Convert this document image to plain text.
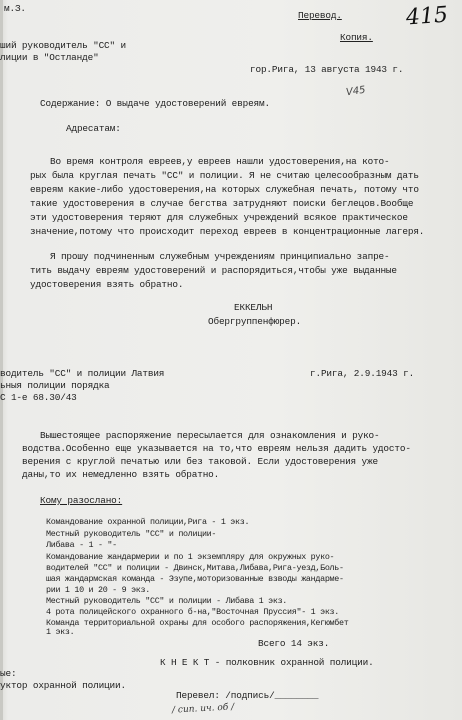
м.З.
Перевод.	415
Копия.
ший руководитель "СС" и
лиции в "Остланде"
гор.Рига, 13 августа 1943 г.
V45
Содержание: О выдаче удостоверений евреям.
Адресатам:
Во время контроля евреев,у евреев нашли удостоверения,на кото-
рых была круглая печать "СС" и полиции. Я не считаю целесообразным дать
евреям какие-либо удостоверения,на которых служебная печать, потому что
такие удостоверения в случае бегства затрудняют поиски беглецов.Вообще
эти удостоверения теряют для служебных учреждений всякое практическое
значение,потому что происходит переход евреев в концентрационные лагеря.
Я прошу подчиненным служебным учреждениям принципиально запре-
тить выдачу евреям удостоверений и распорядиться,чтобы уже выданные
удостоверения взять обратно.
ЕККЕЛЬН
Обергруппенфюрер.
водитель "СС" и полиции Латвия	г.Рига, 2.9.1943 г.
ьныя полиции порядка
С 1-е 68.30/43
Вышестоящее распоряжение пересылается для ознакомления и руко-
водства.Особенно еще указывается на то,что евреям нельзя дадить удосто-
верения с круглой печатью или без таковой. Если удостоверения уже
даны,то их немедленно взять обратно.
Кому разослано:
Командование охранной полиции,Рига - 1 экз.
Местный руководитель "СС" и полиции-
Либава - 1 - "-
Командование жандармерии и по 1 экземпляру для окружных руко-
водителей "СС" и полиции - Двинск,Митава,Либава,Рига-уезд,Боль-
шая жандармская команда - Эзупе,моторизованные взводы жандарме-
рии 1 10 и 20 - 9 экз.
Местный руководитель "СС" и полиции - Либава 1 экз.
4 рота полицейского охранного б-на,"Восточная Пруссия"- 1 экз.
Команда территориальной охраны для особого распоряжения,Кегюмбет
1 экз.
Всего 14 экз.
К Н Е К Т - полковник охранной полиции.
ые:
уктор охранной полиции.
Перевел: /подпись/________
/ сип. ич. об /
